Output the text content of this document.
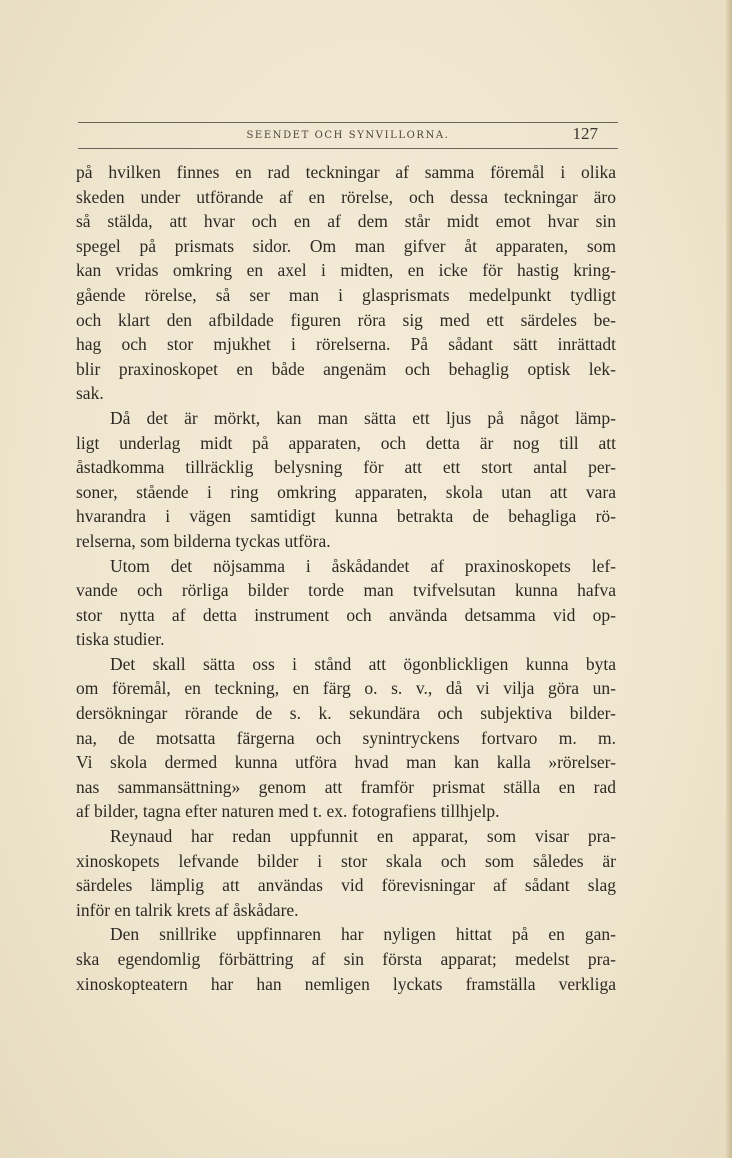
SEENDET OCH SYNVILLORNA.	127
på hvilken finnes en rad teckningar af samma föremål i olika
skeden under utförande af en rörelse, och dessa teckningar äro
så stälda, att hvar och en af dem står midt emot hvar sin
spegel på prismats sidor. Om man gifver åt apparaten, som
kan vridas omkring en axel i midten, en icke för hastig kring-
gående rörelse, så ser man i glasprismats medelpunkt tydligt
och klart den afbildade figuren röra sig med ett särdeles be-
hag och stor mjukhet i rörelserna. På sådant sätt inrättadt
blir praxinoskopet en både angenäm och behaglig optisk lek-
sak.
Då det är mörkt, kan man sätta ett ljus på något lämp-
ligt underlag midt på apparaten, och detta är nog till att
åstadkomma tillräcklig belysning för att ett stort antal per-
soner, stående i ring omkring apparaten, skola utan att vara
hvarandra i vägen samtidigt kunna betrakta de behagliga rö-
relserna, som bilderna tyckas utföra.
Utom det nöjsamma i åskådandet af praxinoskopets lef-
vande och rörliga bilder torde man tvifvelsutan kunna hafva
stor nytta af detta instrument och använda detsamma vid op-
tiska studier.
Det skall sätta oss i stånd att ögonblickligen kunna byta
om föremål, en teckning, en färg o. s. v., då vi vilja göra un-
dersökningar rörande de s. k. sekundära och subjektiva bilder-
na, de motsatta färgerna och synintryckens fortvaro m. m.
Vi skola dermed kunna utföra hvad man kan kalla »rörelser-
nas sammansättning» genom att framför prismat ställa en rad
af bilder, tagna efter naturen med t. ex. fotografiens tillhjelp.
Reynaud har redan uppfunnit en apparat, som visar pra-
xinoskopets lefvande bilder i stor skala och som således är
särdeles lämplig att användas vid förevisningar af sådant slag
inför en talrik krets af åskådare.
Den snillrike uppfinnaren har nyligen hittat på en gan-
ska egendomlig förbättring af sin första apparat; medelst pra-
xinoskopteatern har han nemligen lyckats framställa verkliga
